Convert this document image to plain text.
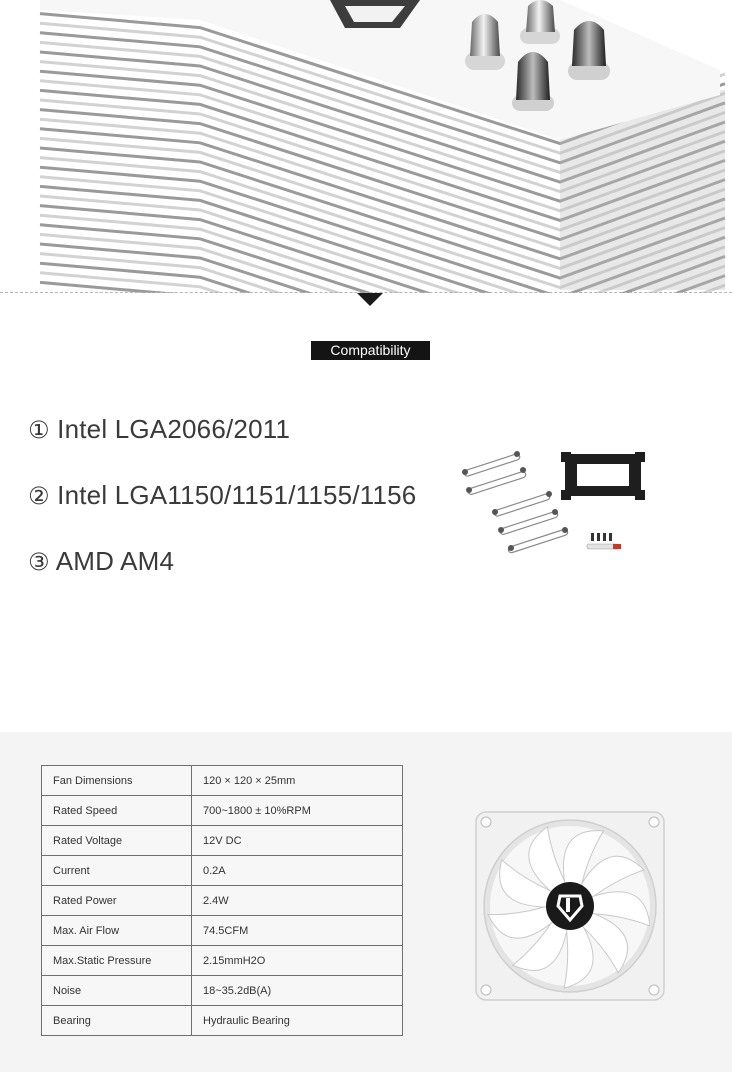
Compatibility
① Intel LGA2066/2011
② Intel LGA1150/1151/1155/1156
③ AMD AM4
Fan Dimensions	120 × 120 × 25mm
Rated Speed	700~1800 ± 10%RPM
Rated Voltage	12V DC
Current	0.2A
Rated Power	2.4W
Max. Air Flow	74.5CFM
Max.Static Pressure	2.15mmH2O
Noise	18~35.2dB(A)
Bearing	Hydraulic Bearing
